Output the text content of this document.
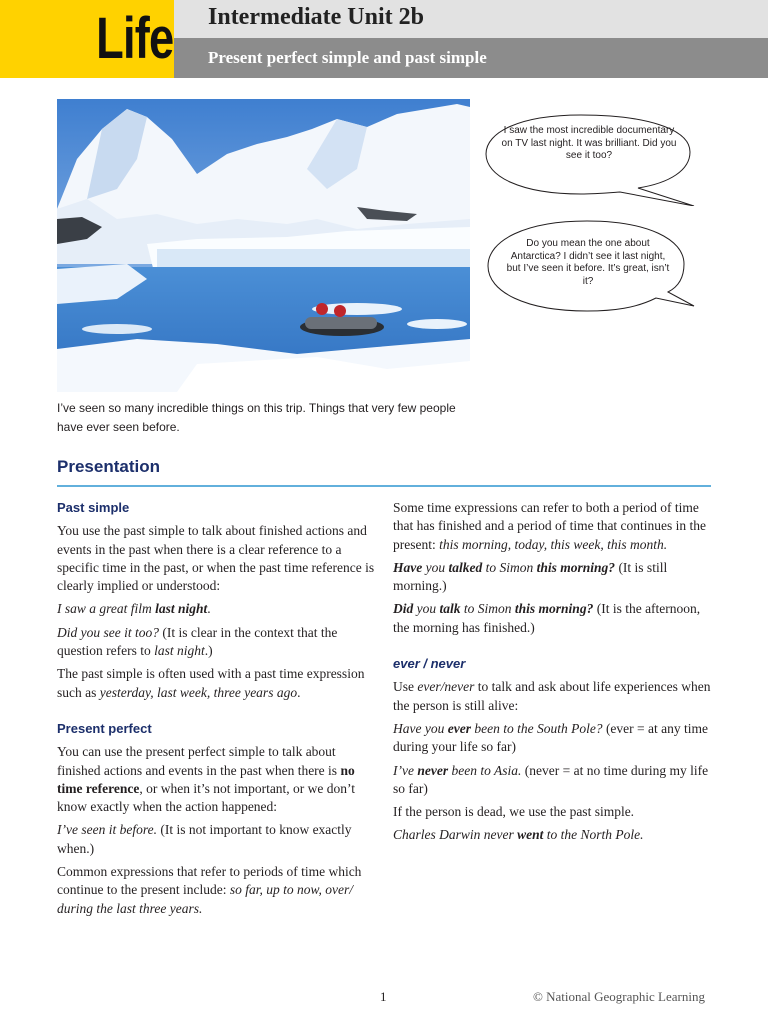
Life Intermediate Unit 2b
Present perfect simple and past simple
I’ve seen so many incredible things on this trip. Things that very few people have ever seen before.
I saw the most incredible documentary on TV last night. It was brilliant. Did you see it too?
Do you mean the one about Antarctica? I didn’t see it last night, but I’ve seen it before. It’s great, isn’t it?
Presentation
Past simple

You use the past simple to talk about finished actions and events in the past when there is a clear reference to a specific time in the past, or when the past time reference is clearly implied or understood:

I saw a great film last night.

Did you see it too? (It is clear in the context that the question refers to last night.)

The past simple is often used with a past time expression such as yesterday, last week, three years ago.

Present perfect

You can use the present perfect simple to talk about finished actions and events in the past when there is no time reference, or when it’s not important, or we don’t know exactly when the action happened:

I’ve seen it before. (It is not important to know exactly when.)

Common expressions that refer to periods of time which continue to the present include: so far, up to now, over/ during the last three years.

Some time expressions can refer to both a period of time that has finished and a period of time that continues in the present: this morning, today, this week, this month.

Have you talked to Simon this morning? (It is still morning.)

Did you talk to Simon this morning? (It is the afternoon, the morning has finished.)

ever / never

Use ever/never to talk and ask about life experiences when the person is still alive:

Have you ever been to the South Pole? (ever = at any time during your life so far)

I’ve never been to Asia. (never = at no time during my life so far)

If the person is dead, we use the past simple.

Charles Darwin never went to the North Pole.

1	© National Geographic Learning
